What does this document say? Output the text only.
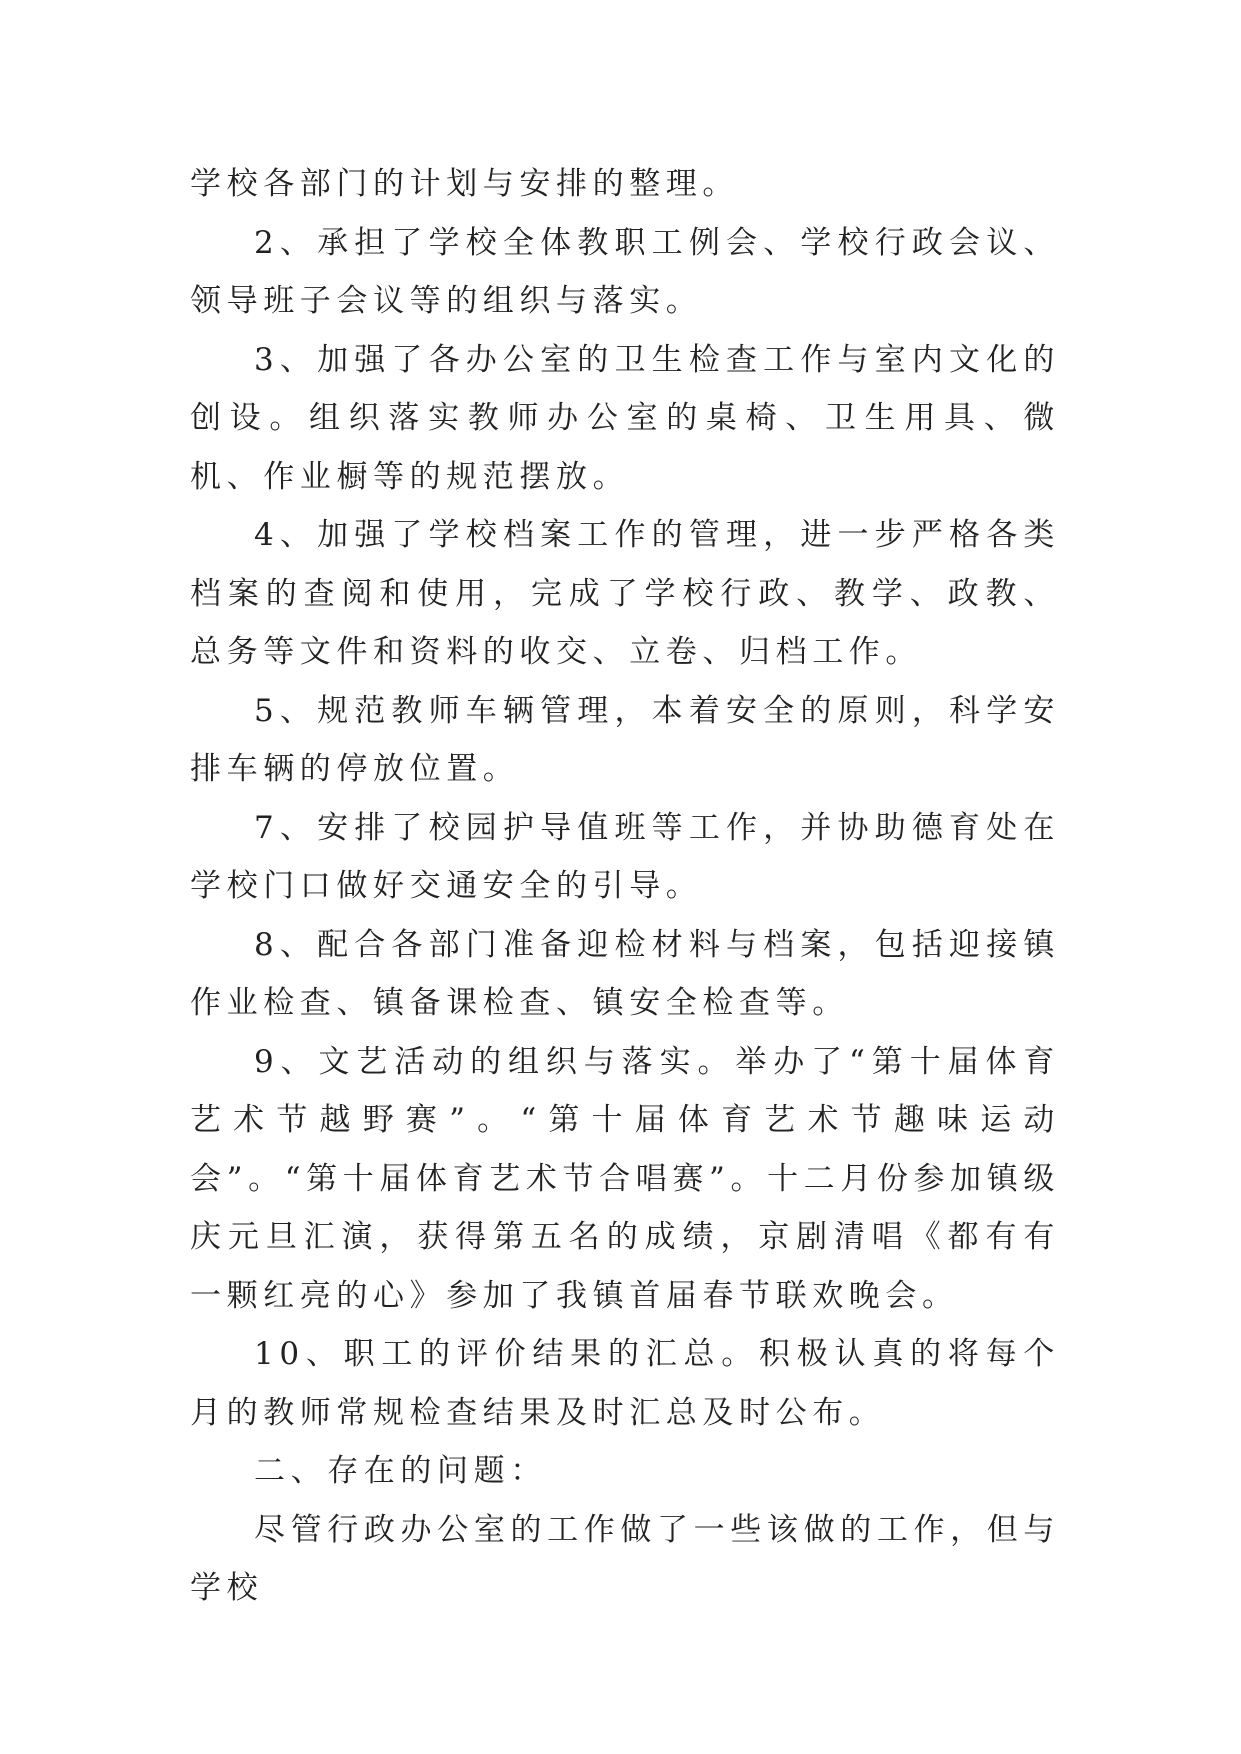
学校各部门的计划与安排的整理。

2、承担了学校全体教职工例会、学校行政会议、领导班子会议等的组织与落实。

3、加强了各办公室的卫生检查工作与室内文化的创设。组织落实教师办公室的桌椅、卫生用具、微机、作业橱等的规范摆放。

4、加强了学校档案工作的管理，进一步严格各类档案的查阅和使用，完成了学校行政、教学、政教、总务等文件和资料的收交、立卷、归档工作。

5、规范教师车辆管理，本着安全的原则，科学安排车辆的停放位置。

7、安排了校园护导值班等工作，并协助德育处在学校门口做好交通安全的引导。

8、配合各部门准备迎检材料与档案，包括迎接镇作业检查、镇备课检查、镇安全检查等。

9、文艺活动的组织与落实。举办了“第十届体育艺术节越野赛”。“第十届体育艺术节趣味运动会”。“第十届体育艺术节合唱赛”。十二月份参加镇级庆元旦汇演，获得第五名的成绩，京剧清唱《都有有一颗红亮的心》参加了我镇首届春节联欢晚会。

10、职工的评价结果的汇总。积极认真的将每个月的教师常规检查结果及时汇总及时公布。

二、存在的问题：

尽管行政办公室的工作做了一些该做的工作，但与学校
